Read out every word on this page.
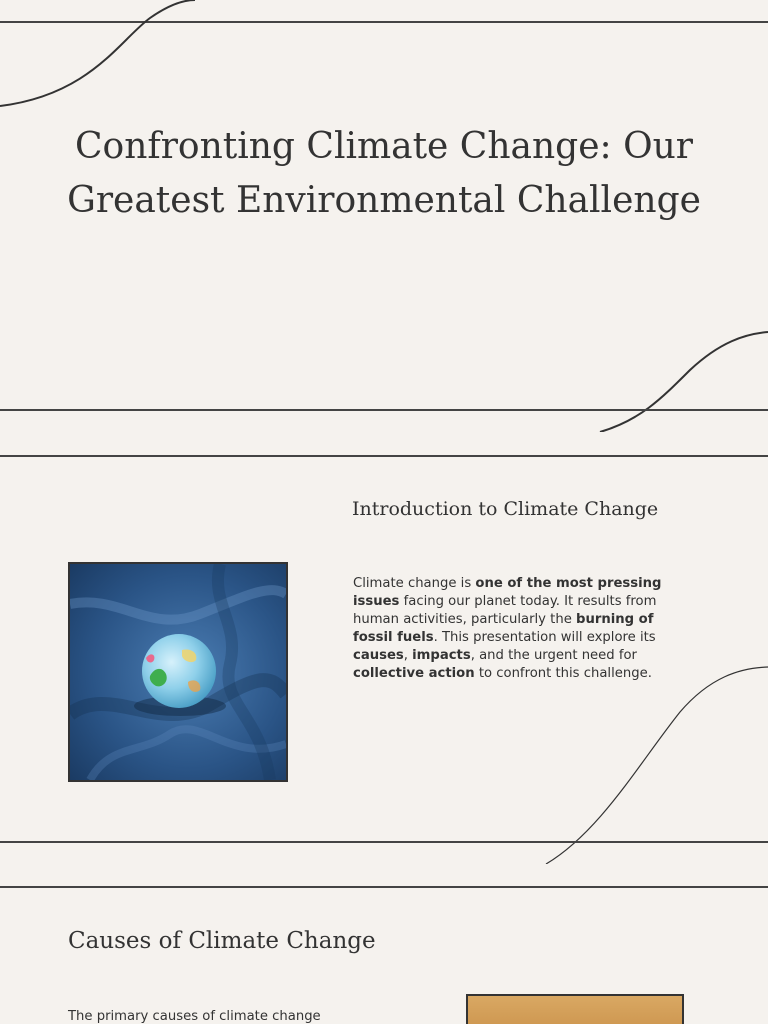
Confronting Climate Change: Our Greatest Environmental Challenge
Introduction to Climate Change

Climate change is one of the most pressing issues facing our planet today. It results from human activities, particularly the burning of fossil fuels. This presentation will explore its causes, impacts, and the urgent need for collective action to confront this challenge.

Causes of Climate Change

The primary causes of climate change
